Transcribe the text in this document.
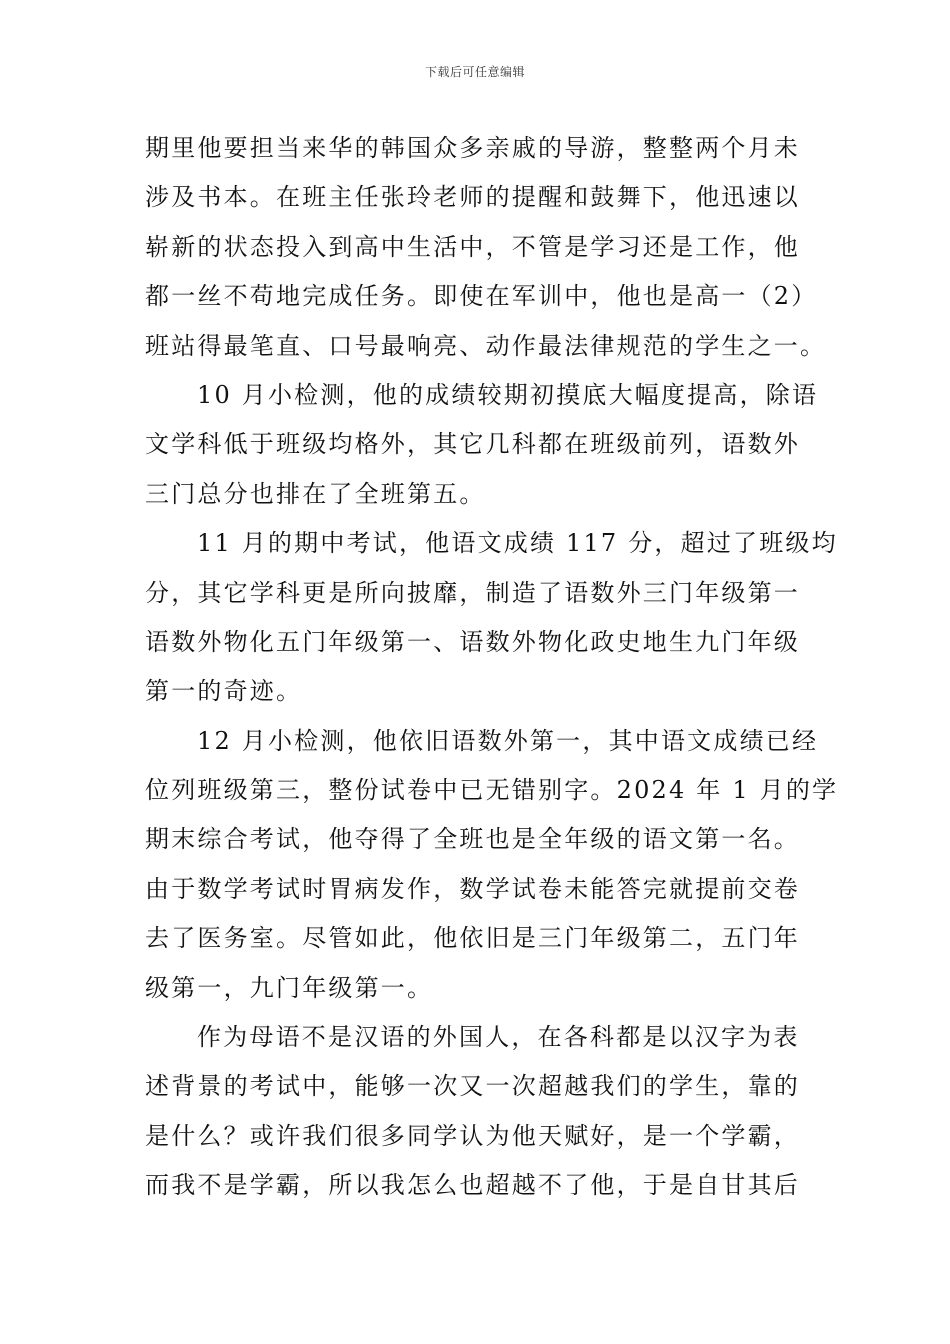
下载后可任意编辑
期里他要担当来华的韩国众多亲戚的导游，整整两个月未
涉及书本。在班主任张玲老师的提醒和鼓舞下，他迅速以
崭新的状态投入到高中生活中，不管是学习还是工作，他
都一丝不苟地完成任务。即使在军训中，他也是高一（2）
班站得最笔直、口号最响亮、动作最法律规范的学生之一。
10 月小检测，他的成绩较期初摸底大幅度提高，除语
文学科低于班级均格外，其它几科都在班级前列，语数外
三门总分也排在了全班第五。
11 月的期中考试，他语文成绩 117 分，超过了班级均
分，其它学科更是所向披靡，制造了语数外三门年级第一
语数外物化五门年级第一、语数外物化政史地生九门年级
第一的奇迹。
12 月小检测，他依旧语数外第一，其中语文成绩已经
位列班级第三，整份试卷中已无错别字。2024 年 1 月的学
期末综合考试，他夺得了全班也是全年级的语文第一名。
由于数学考试时胃病发作，数学试卷未能答完就提前交卷
去了医务室。尽管如此，他依旧是三门年级第二，五门年
级第一，九门年级第一。
作为母语不是汉语的外国人，在各科都是以汉字为表
述背景的考试中，能够一次又一次超越我们的学生，靠的
是什么？或许我们很多同学认为他天赋好，是一个学霸，
而我不是学霸，所以我怎么也超越不了他，于是自甘其后
